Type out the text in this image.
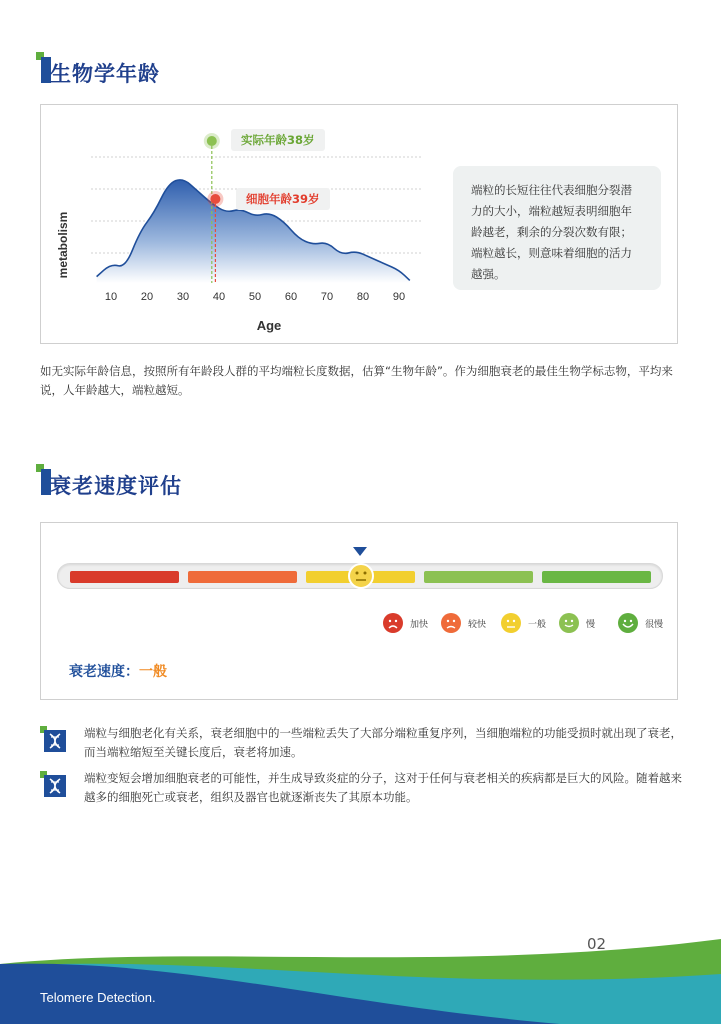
生物学年龄
10 20 30 40 50 60 70 80 90
metabolism
Age
实际年龄38岁
细胞年龄39岁
端粒的长短往往代表细胞分裂潜力的大小，端粒越短表明细胞年龄越老，剩余的分裂次数有限；端粒越长，则意味着细胞的活力越强。
如无实际年龄信息，按照所有年龄段人群的平均端粒长度数据，估算“生物年龄”。作为细胞衰老的最佳生物学标志物，平均来说，人年龄越大，端粒越短。
衰老速度评估
加快	较快	一般	慢	很慢
衰老速度：一般
端粒与细胞老化有关系，衰老细胞中的一些端粒丢失了大部分端粒重复序列，当细胞端粒的功能受损时就出现了衰老，而当端粒缩短至关键长度后，衰老将加速。
端粒变短会增加细胞衰老的可能性，并生成导致炎症的分子，这对于任何与衰老相关的疾病都是巨大的风险。随着越来越多的细胞死亡或衰老，组织及器官也就逐渐丧失了其原本功能。
02
Telomere Detection.
